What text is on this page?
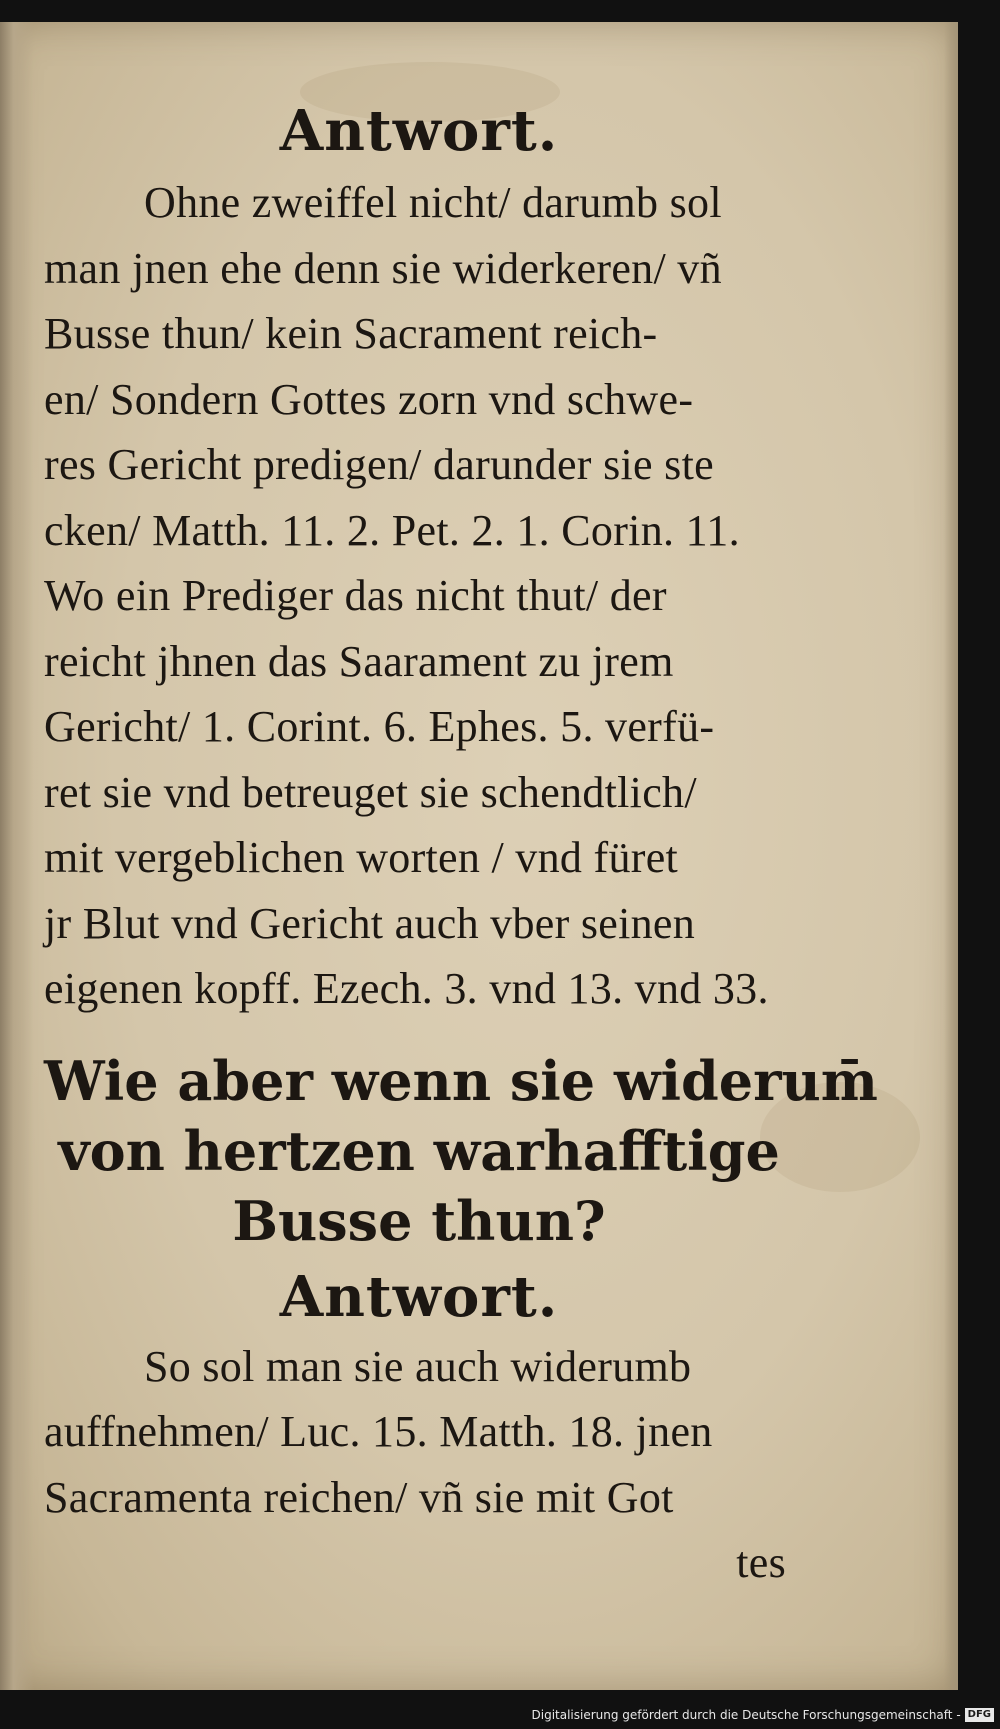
Antwort.
Ohne zweiffel nicht/ darumb sol
man jnen ehe denn sie widerkeren/ vñ
Busse thun/ kein Sacrament reich-
en/ Sondern Gottes zorn vnd schwe-
res Gericht predigen/ darunder sie ste
cken/ Matth. 11. 2. Pet. 2. 1. Corin. 11.
Wo ein Prediger das nicht thut/ der
reicht jhnen das Saarament zu jrem
Gericht/ 1. Corint. 6. Ephes. 5. verfü-
ret sie vnd betreuget sie schendtlich/
mit vergeblichen worten / vnd füret
jr Blut vnd Gericht auch vber seinen
eigenen kopff. Ezech. 3. vnd 13. vnd 33.
Wie aber wenn sie widerum̄
von hertzen warhafftige
Busse thun?
Antwort.
So sol man sie auch widerumb
auffnehmen/ Luc. 15. Matth. 18. jnen
Sacramenta reichen/ vñ sie mit Got
tes
Digitalisierung gefördert durch die Deutsche Forschungsgemeinschaft - DFG
